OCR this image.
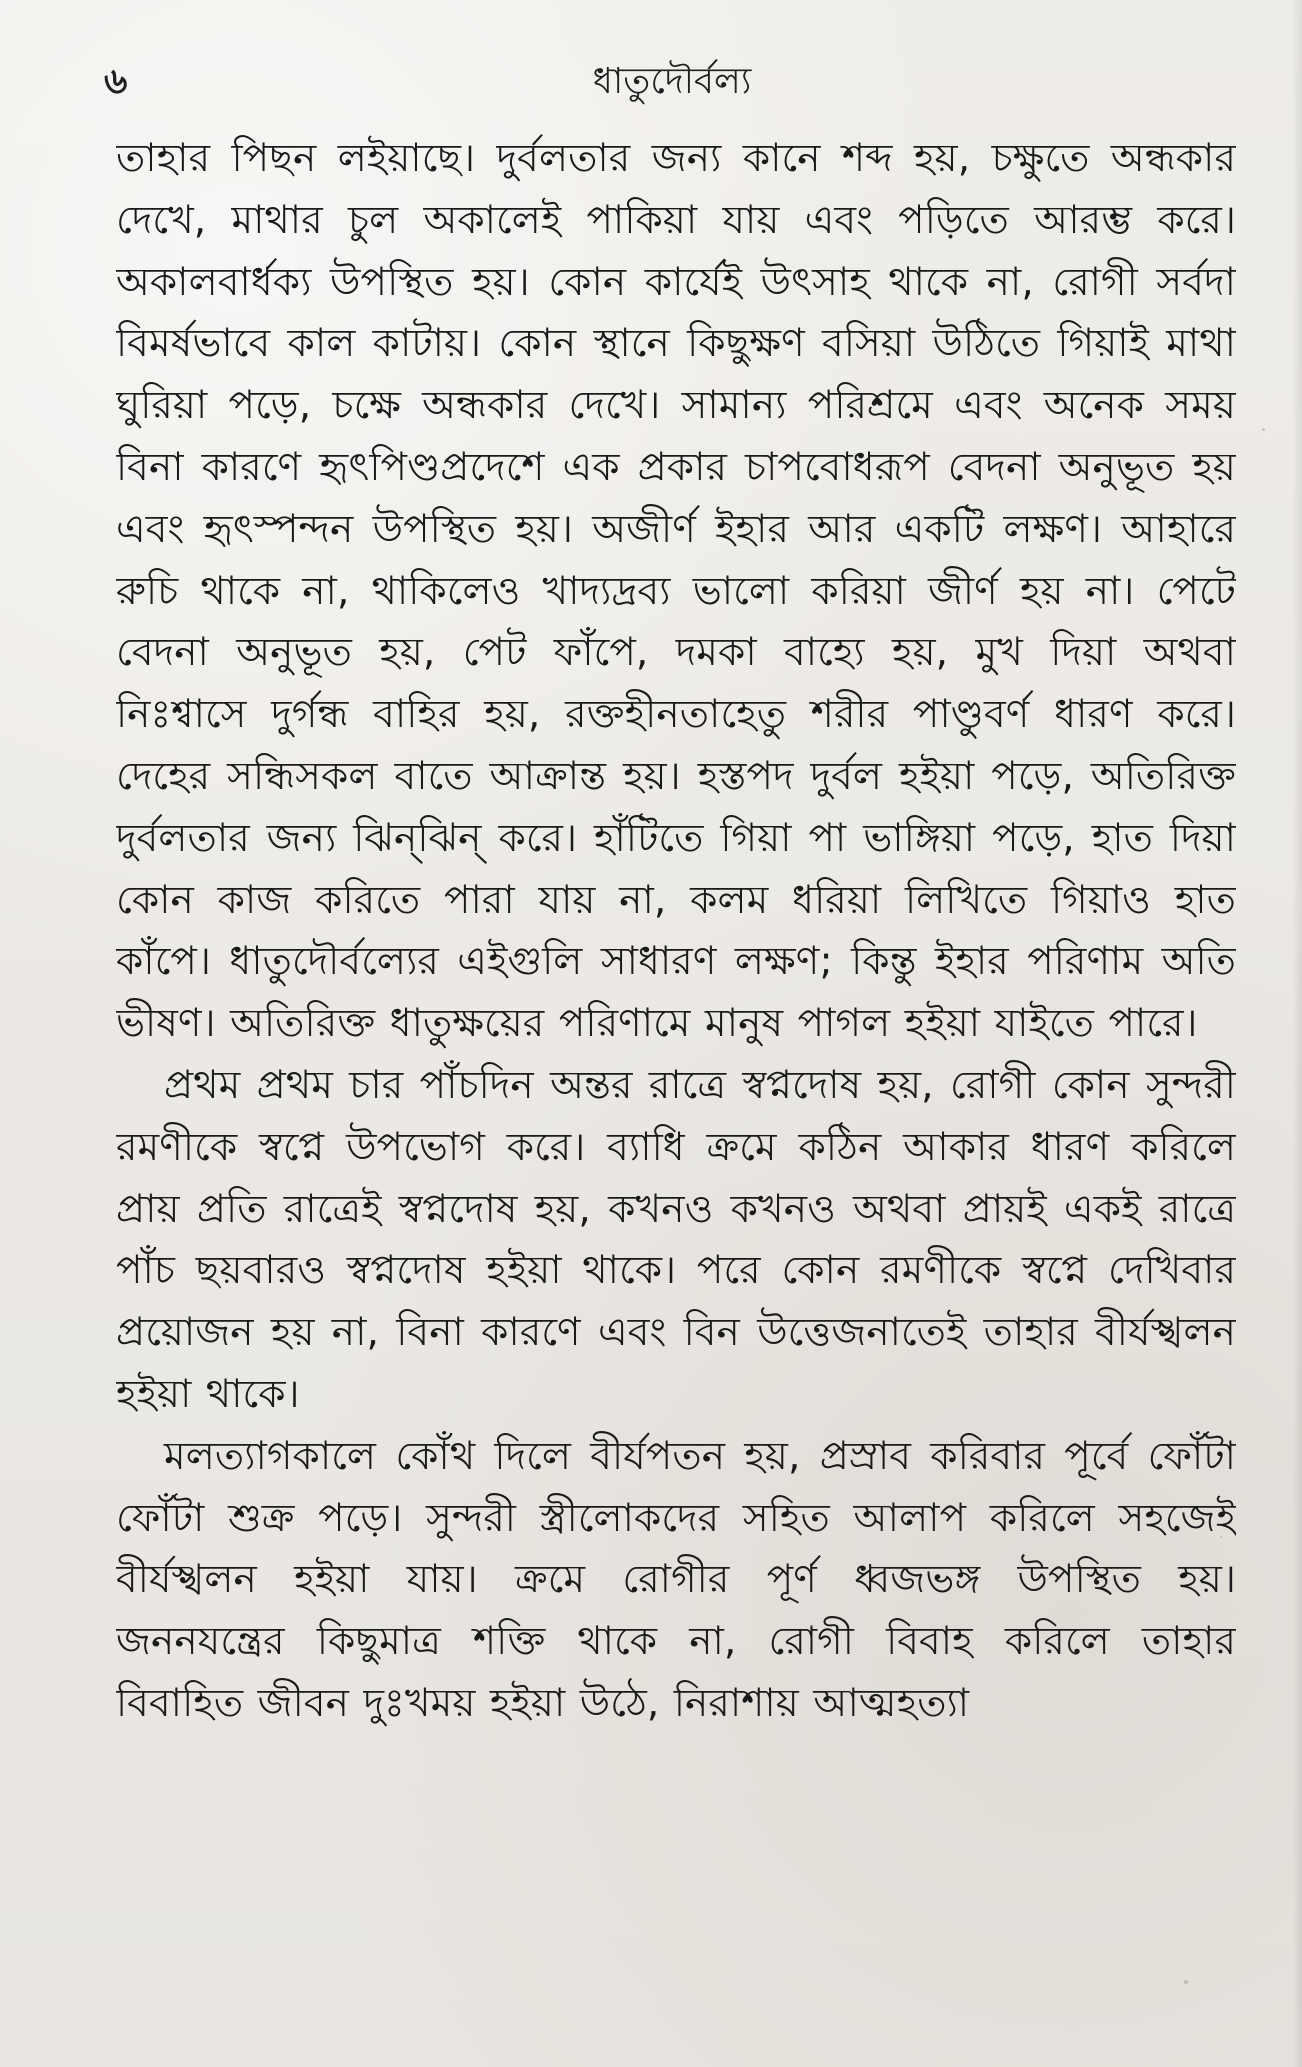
৬	ধাতুদৌর্বল্য

তাহার পিছন লইয়াছে। দুর্বলতার জন্য কানে শব্দ হয়, চক্ষুতে অন্ধকার দেখে, মাথার চুল অকালেই পাকিয়া যায় এবং পড়িতে আরম্ভ করে। অকালবার্ধক্য উপস্থিত হয়। কোন কার্যেই উৎসাহ থাকে না, রোগী সর্বদা বিমর্ষভাবে কাল কাটায়। কোন স্থানে কিছুক্ষণ বসিয়া উঠিতে গিয়াই মাথা ঘুরিয়া পড়ে, চক্ষে অন্ধকার দেখে। সামান্য পরিশ্রমে এবং অনেক সময় বিনা কারণে হৃৎপিণ্ডপ্রদেশে এক প্রকার চাপবোধরূপ বেদনা অনুভূত হয় এবং হৃৎস্পন্দন উপস্থিত হয়। অজীর্ণ ইহার আর একটি লক্ষণ। আহারে রুচি থাকে না, থাকিলেও খাদ্যদ্রব্য ভালো করিয়া জীর্ণ হয় না। পেটে বেদনা অনুভূত হয়, পেট ফাঁপে, দমকা বাহ্যে হয়, মুখ দিয়া অথবা নিঃশ্বাসে দুর্গন্ধ বাহির হয়, রক্তহীনতাহেতু শরীর পাণ্ডুবর্ণ ধারণ করে। দেহের সন্ধিসকল বাতে আক্রান্ত হয়। হস্তপদ দুর্বল হইয়া পড়ে, অতিরিক্ত দুর্বলতার জন্য ঝিন্‌ঝিন্ করে। হাঁটিতে গিয়া পা ভাঙ্গিয়া পড়ে, হাত দিয়া কোন কাজ করিতে পারা যায় না, কলম ধরিয়া লিখিতে গিয়াও হাত কাঁপে। ধাতুদৌর্বল্যের এইগুলি সাধারণ লক্ষণ; কিন্তু ইহার পরিণাম অতি ভীষণ। অতিরিক্ত ধাতুক্ষয়ের পরিণামে মানুষ পাগল হইয়া যাইতে পারে।

প্রথম প্রথম চার পাঁচদিন অন্তর রাত্রে স্বপ্নদোষ হয়, রোগী কোন সুন্দরী রমণীকে স্বপ্নে উপভোগ করে। ব্যাধি ক্রমে কঠিন আকার ধারণ করিলে প্রায় প্রতি রাত্রেই স্বপ্নদোষ হয়, কখনও কখনও অথবা প্রায়ই একই রাত্রে পাঁচ ছয়বারও স্বপ্নদোষ হইয়া থাকে। পরে কোন রমণীকে স্বপ্নে দেখিবার প্রয়োজন হয় না, বিনা কারণে এবং বিন উত্তেজনাতেই তাহার বীর্যস্খলন হইয়া থাকে।

মলত্যাগকালে কোঁথ দিলে বীর্যপতন হয়, প্রস্রাব করিবার পূর্বে ফোঁটা ফোঁটা শুক্র পড়ে। সুন্দরী স্ত্রীলোকদের সহিত আলাপ করিলে সহজেই বীর্যস্খলন হইয়া যায়। ক্রমে রোগীর পূর্ণ ধ্বজভঙ্গ উপস্থিত হয়। জননযন্ত্রের কিছুমাত্র শক্তি থাকে না, রোগী বিবাহ করিলে তাহার বিবাহিত জীবন দুঃখময় হইয়া উঠে, নিরাশায় আত্মহত্যা
